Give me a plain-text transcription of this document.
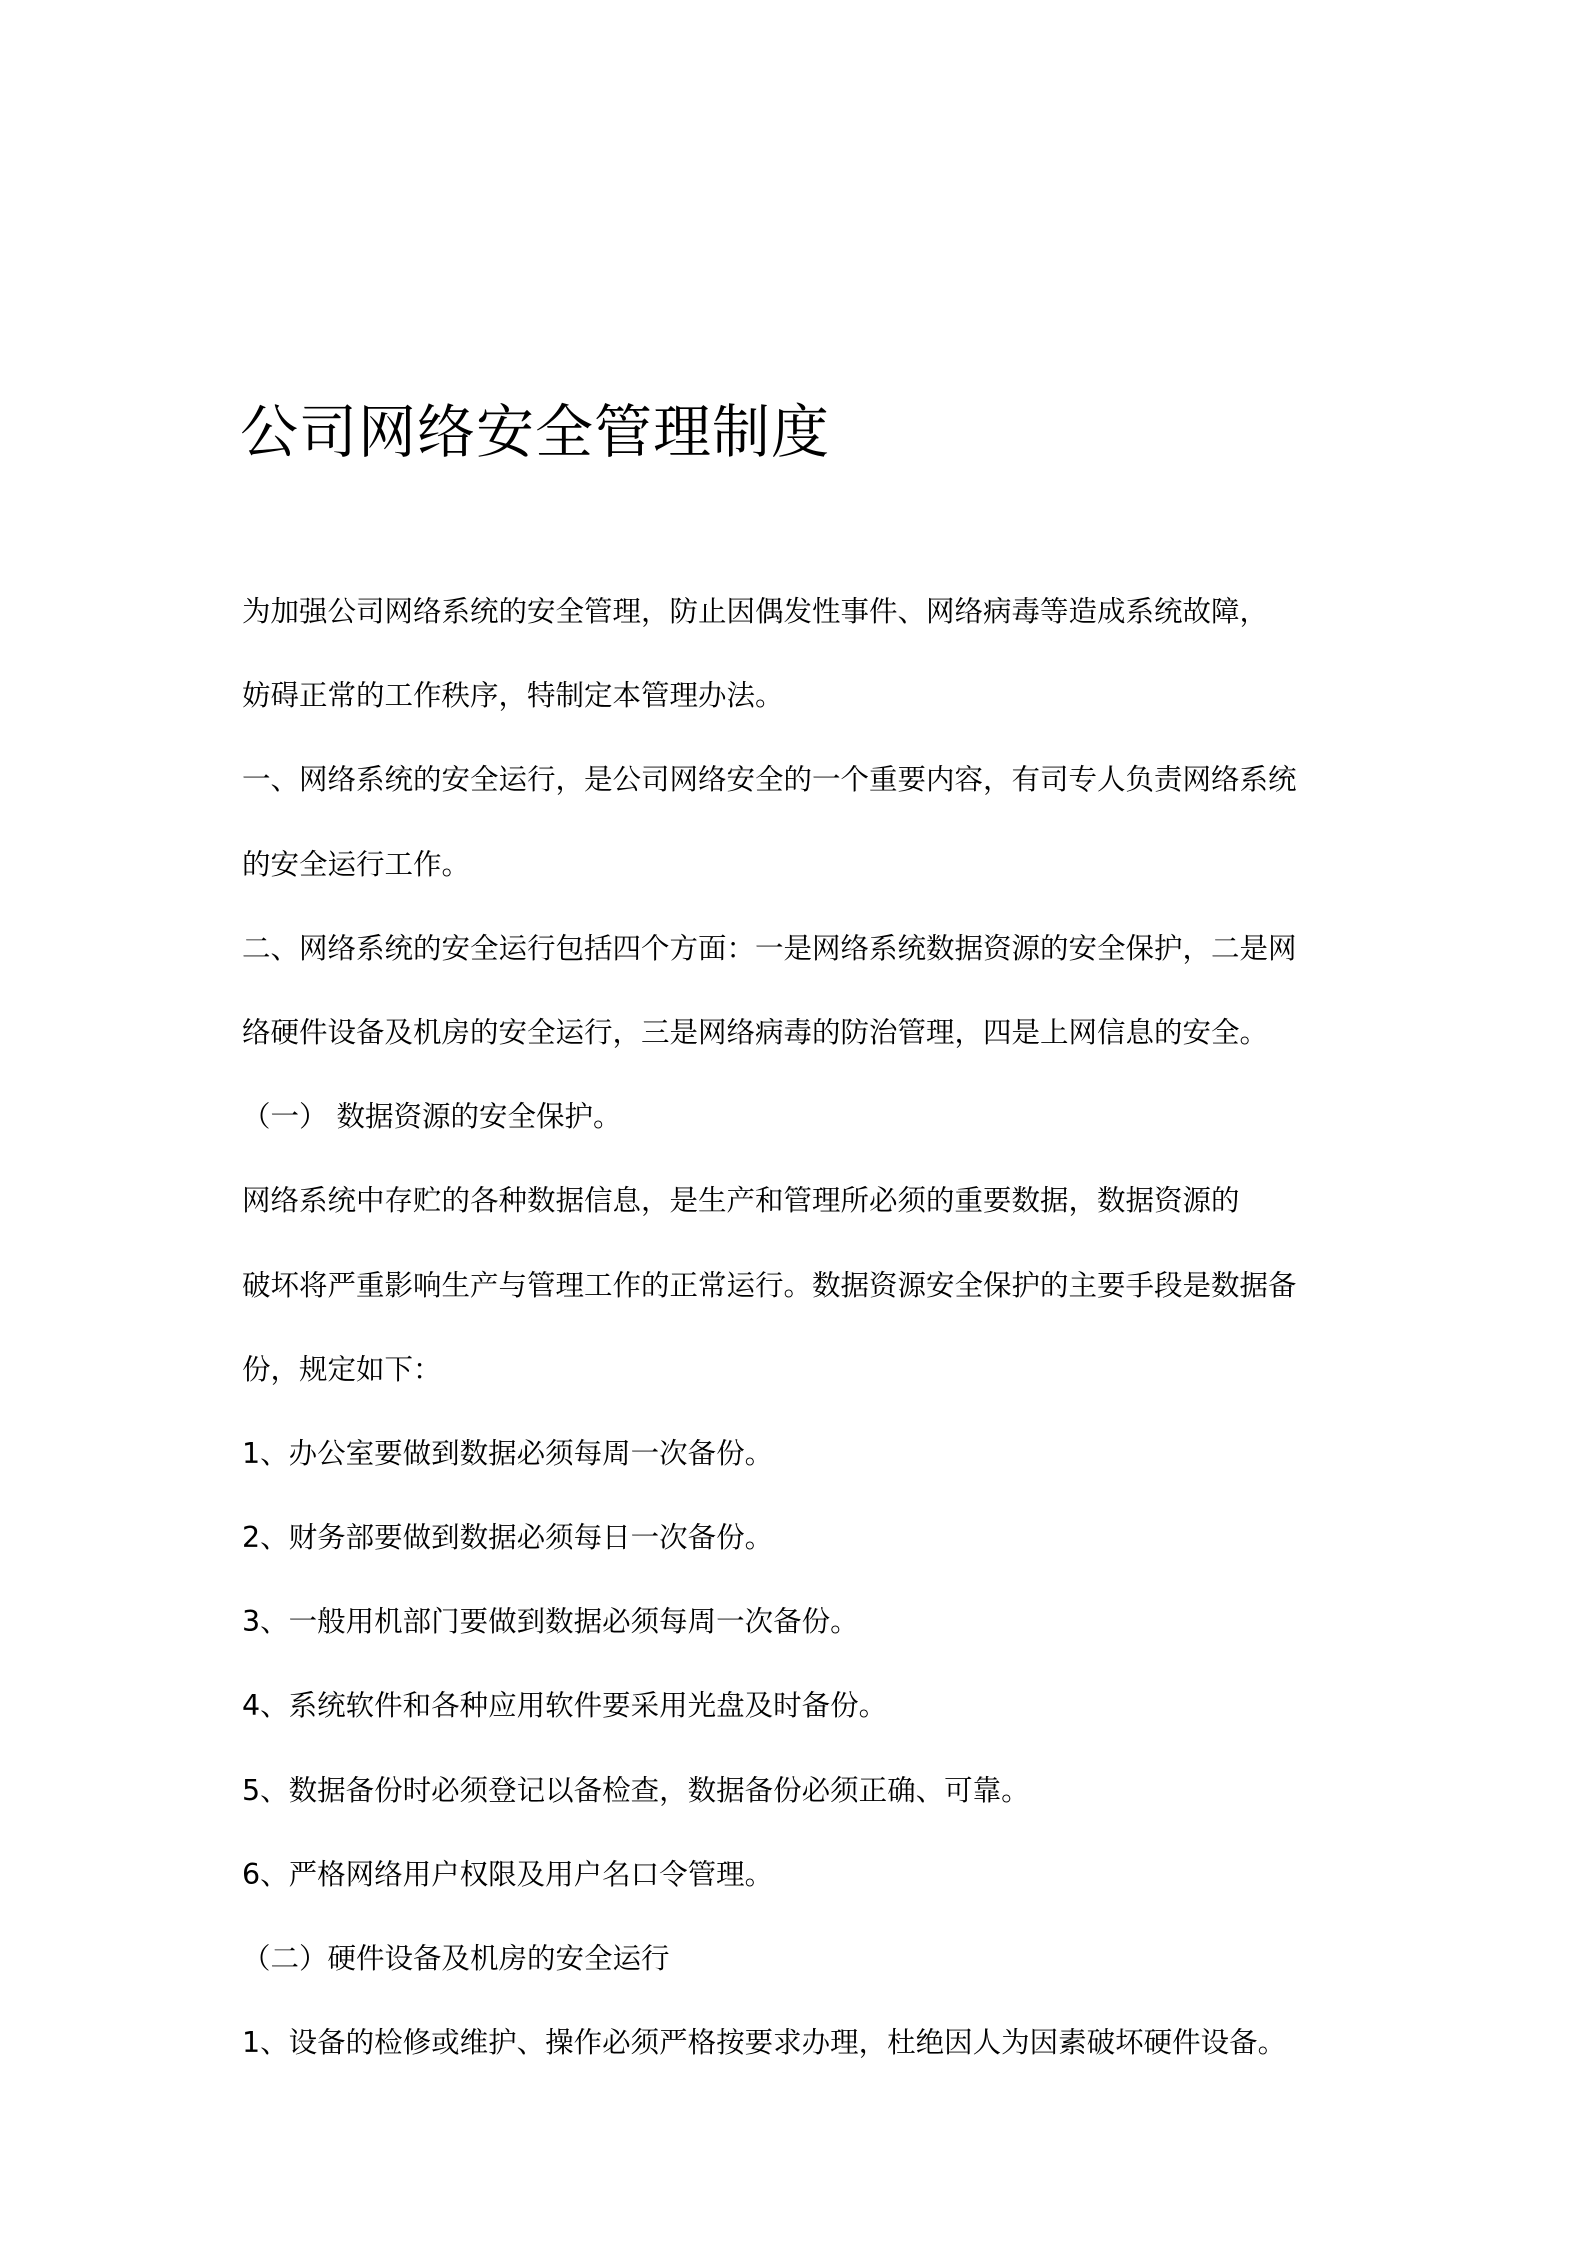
公司网络安全管理制度
为加强公司网络系统的安全管理，防止因偶发性事件、网络病毒等造成系统故障，
妨碍正常的工作秩序，特制定本管理办法。
一、网络系统的安全运行，是公司网络安全的一个重要内容，有司专人负责网络系统
的安全运行工作。
二、网络系统的安全运行包括四个方面：一是网络系统数据资源的安全保护，二是网
络硬件设备及机房的安全运行，三是网络病毒的防治管理，四是上网信息的安全。
（一） 数据资源的安全保护。
网络系统中存贮的各种数据信息，是生产和管理所必须的重要数据，数据资源的
破坏将严重影响生产与管理工作的正常运行。数据资源安全保护的主要手段是数据备
份，规定如下：
1、办公室要做到数据必须每周一次备份。
2、财务部要做到数据必须每日一次备份。
3、一般用机部门要做到数据必须每周一次备份。
4、系统软件和各种应用软件要采用光盘及时备份。
5、数据备份时必须登记以备检查，数据备份必须正确、可靠。
6、严格网络用户权限及用户名口令管理。
（二）硬件设备及机房的安全运行
1、设备的检修或维护、操作必须严格按要求办理，杜绝因人为因素破坏硬件设备。
